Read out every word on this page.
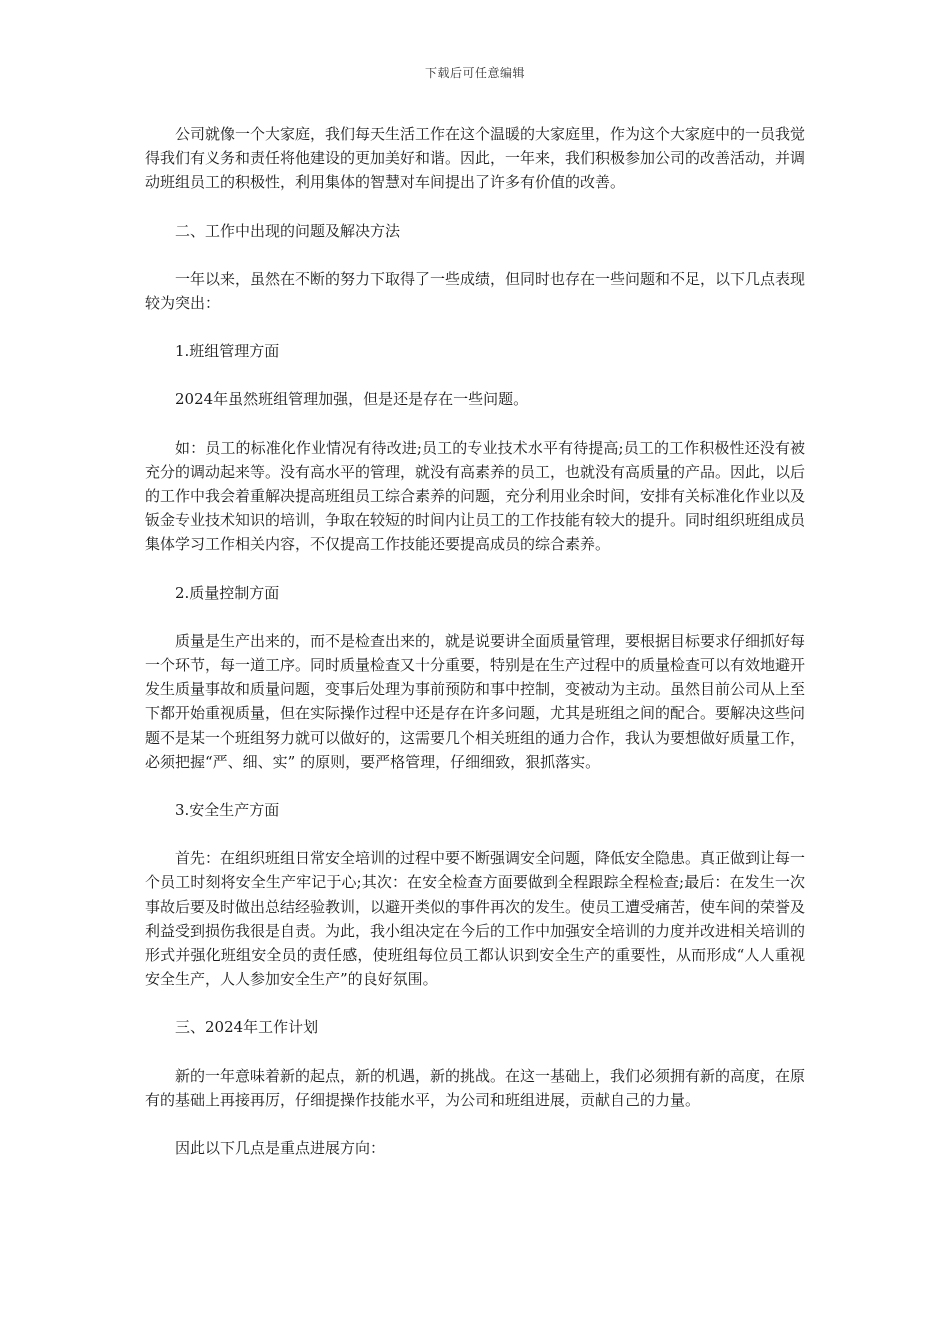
下载后可任意编辑

公司就像一个大家庭，我们每天生活工作在这个温暖的大家庭里，作为这个大家庭中的一员我觉得我们有义务和责任将他建设的更加美好和谐。因此，一年来，我们积极参加公司的改善活动，并调动班组员工的积极性，利用集体的智慧对车间提出了许多有价值的改善。

二、工作中出现的问题及解决方法

一年以来，虽然在不断的努力下取得了一些成绩，但同时也存在一些问题和不足，以下几点表现较为突出：

1.班组管理方面

2024年虽然班组管理加强，但是还是存在一些问题。

如：员工的标准化作业情况有待改进;员工的专业技术水平有待提高;员工的工作积极性还没有被充分的调动起来等。没有高水平的管理，就没有高素养的员工，也就没有高质量的产品。因此，以后的工作中我会着重解决提高班组员工综合素养的问题，充分利用业余时间，安排有关标准化作业以及钣金专业技术知识的培训，争取在较短的时间内让员工的工作技能有较大的提升。同时组织班组成员集体学习工作相关内容，不仅提高工作技能还要提高成员的综合素养。

2.质量控制方面

质量是生产出来的，而不是检查出来的，就是说要讲全面质量管理，要根据目标要求仔细抓好每一个环节，每一道工序。同时质量检查又十分重要，特别是在生产过程中的质量检查可以有效地避开发生质量事故和质量问题，变事后处理为事前预防和事中控制，变被动为主动。虽然目前公司从上至下都开始重视质量，但在实际操作过程中还是存在许多问题，尤其是班组之间的配合。要解决这些问题不是某一个班组努力就可以做好的，这需要几个相关班组的通力合作，我认为要想做好质量工作，必须把握“严、细、实” 的原则，要严格管理，仔细细致，狠抓落实。

3.安全生产方面

首先：在组织班组日常安全培训的过程中要不断强调安全问题，降低安全隐患。真正做到让每一个员工时刻将安全生产牢记于心;其次：在安全检查方面要做到全程跟踪全程检查;最后：在发生一次事故后要及时做出总结经验教训，以避开类似的事件再次的发生。使员工遭受痛苦，使车间的荣誉及利益受到损伤我很是自责。为此，我小组决定在今后的工作中加强安全培训的力度并改进相关培训的形式并强化班组安全员的责任感，使班组每位员工都认识到安全生产的重要性，从而形成“人人重视安全生产，人人参加安全生产”的良好氛围。

三、2024年工作计划

新的一年意味着新的起点，新的机遇，新的挑战。在这一基础上，我们必须拥有新的高度，在原有的基础上再接再厉，仔细提操作技能水平，为公司和班组进展，贡献自己的力量。

因此以下几点是重点进展方向：
